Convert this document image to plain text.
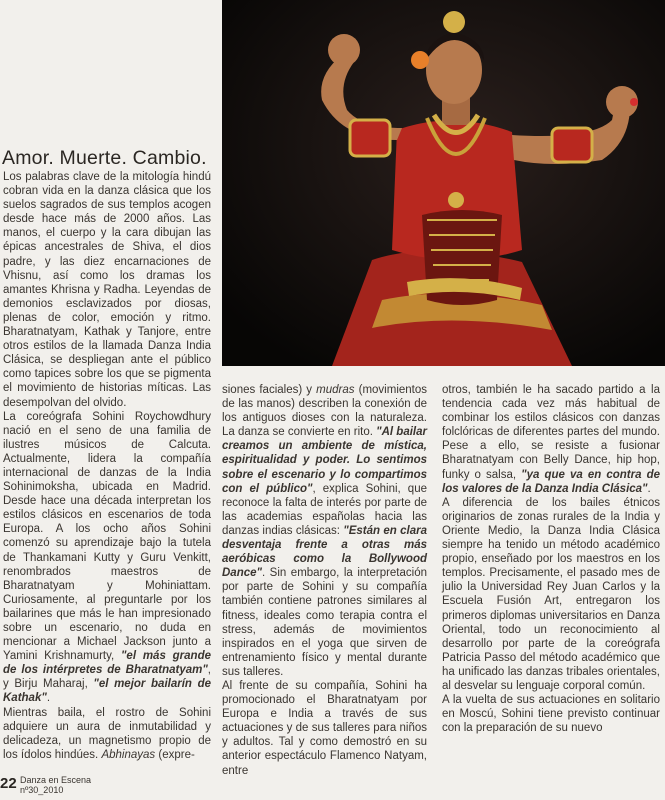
Amor. Muerte. Cambio.

Los palabras clave de la mitología hindú cobran vida en la danza clásica que los suelos sagrados de sus templos acogen desde hace más de 2000 años. Las manos, el cuerpo y la cara dibujan las épicas ancestrales de Shiva, el dios padre, y las diez encarnaciones de Vhisnu, así como los dramas los amantes Khrisna y Radha. Leyendas de demonios esclavizados por diosas, plenas de color, emoción y ritmo. Bharatnatyam, Kathak y Tanjore, entre otros estilos de la llamada Danza India Clásica, se despliegan ante el público como tapices sobre los que se pigmenta el movimiento de historias míticas. Las desempolvan del olvido.

La coreógrafa Sohini Roychowdhury nació en el seno de una familia de ilustres músicos de Calcuta. Actualmente, lidera la compañía internacional de danzas de la India Sohinimoksha, ubicada en Madrid. Desde hace una década interpretan los estilos clásicos en escenarios de toda Europa. A los ocho años Sohini comenzó su aprendizaje bajo la tutela de Thankamani Kutty y Guru Venkitt, renombrados maestros de Bharatnatyam y Mohiniattam. Curiosamente, al preguntarle por los bailarines que más le han impresionado sobre un escenario, no duda en mencionar a Michael Jackson junto a Yamini Krishnamurty, "el más grande de los intérpretes de Bharatnatyam", y Birju Maharaj, "el mejor bailarín de Kathak".

Mientras baila, el rostro de Sohini adquiere un aura de inmutabilidad y delicadeza, un magnetismo propio de los ídolos hindúes. Abhinayas (expre-

siones faciales) y mudras (movimientos de las manos) describen la conexión de los antiguos dioses con la naturaleza. La danza se convierte en rito. "Al bailar creamos un ambiente de mística, espiritualidad y poder. Lo sentimos sobre el escenario y lo compartimos con el público", explica Sohini, que reconoce la falta de interés por parte de las academias españolas hacia las danzas indias clásicas: "Están en clara desventaja frente a otras más aeróbicas como la Bollywood Dance". Sin embargo, la interpretación por parte de Sohini y su compañía también contiene patrones similares al fitness, ideales como terapia contra el stress, además de movimientos inspirados en el yoga que sirven de entrenamiento físico y mental durante sus talleres.

Al frente de su compañía, Sohini ha promocionado el Bharatnatyam por Europa e India a través de sus actuaciones y de sus talleres para niños y adultos. Tal y como demostró en su anterior espectáculo Flamenco Natyam, entre

otros, también le ha sacado partido a la tendencia cada vez más habitual de combinar los estilos clásicos con danzas folclóricas de diferentes partes del mundo. Pese a ello, se resiste a fusionar Bharatnatyam con Belly Dance, hip hop, funky o salsa, "ya que va en contra de los valores de la Danza India Clásica".

A diferencia de los bailes étnicos originarios de zonas rurales de la India y Oriente Medio, la Danza India Clásica siempre ha tenido un método académico propio, enseñado por los maestros en los templos. Precisamente, el pasado mes de julio la Universidad Rey Juan Carlos y la Escuela Fusión Art, entregaron los primeros diplomas universitarios en Danza Oriental, todo un reconocimiento al desarrollo por parte de la coreógrafa Patricia Passo del método académico que ha unificado las danzas tribales orientales, al desvelar su lenguaje corporal común.

A la vuelta de sus actuaciones en solitario en Moscú, Sohini tiene previsto continuar con la preparación de su nuevo

22 Danza en Escena
nº30_2010
